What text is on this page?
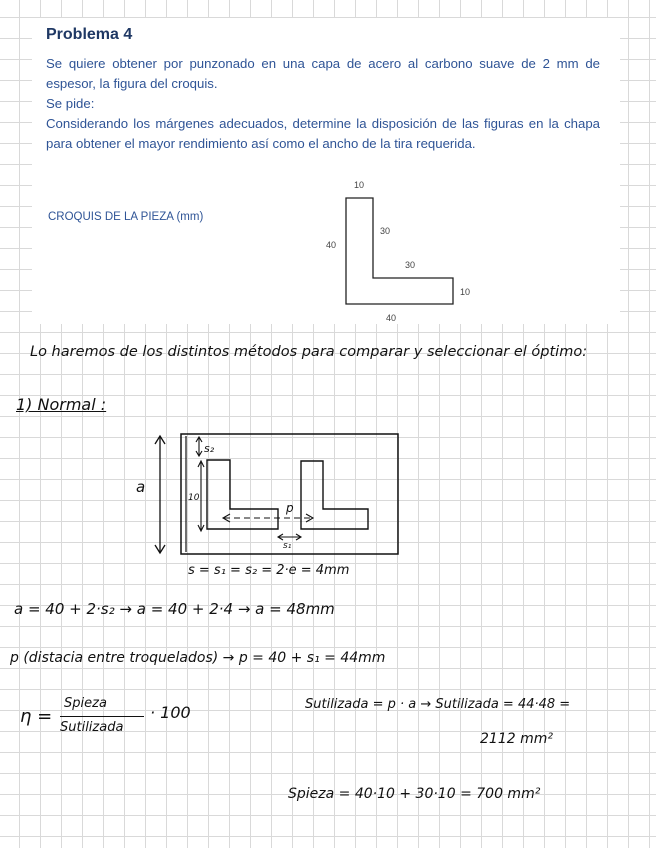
Problema 4

Se quiere obtener por punzonado en una capa de acero al carbono suave de 2 mm de espesor, la figura del croquis.

Se pide:

Considerando los márgenes adecuados, determine la disposición de las figuras en la chapa para obtener el mayor rendimiento así como el ancho de la tira requerida.

CROQUIS DE LA PIEZA (mm)
10
40
30
30
10
40
Lo haremos de los distintos métodos para comparar y seleccionar el óptimo:
1) Normal :
a
s₂
10
p
s₁
s = s₁ = s₂ = 2·e = 4mm
a = 40 + 2·s₂ → a = 40 + 2·4 → a = 48mm
p (distacia entre troquelados) → p = 40 + s₁ = 44mm
η =
Spieza
Sutilizada
· 100	Sutilizada = p · a → Sutilizada = 44·48 =
2112 mm²
Spieza = 40·10 + 30·10 = 700 mm²
